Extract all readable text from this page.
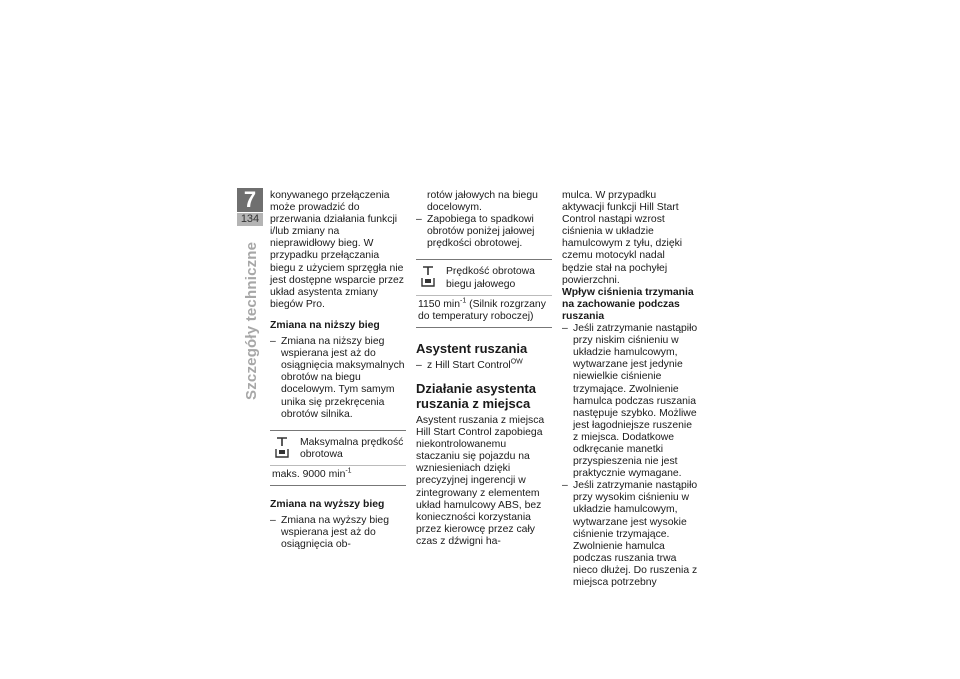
7
134
Szczegóły techniczne

konywanego przełączenia może prowadzić do przerwania działania funkcji i/lub zmiany na nieprawidłowy bieg. W przypadku przełączania biegu z użyciem sprzęgła nie jest dostępne wsparcie przez układ asystenta zmiany biegów Pro.

Zmiana na niższy bieg

– Zmiana na niższy bieg wspierana jest aż do osiągnięcia maksymalnych obrotów na biegu docelowym. Tym samym unika się przekręcenia obrotów silnika.

Maksymalna prędkość obrotowa
maks. 9000 $\min^{-1}$

Zmiana na wyższy bieg

– Zmiana na wyższy bieg wspierana jest aż do osiągnięcia ob-

rotów jałowych na biegu docelowym.

– Zapobiega to spadkowi obrotów poniżej jałowej prędkości obrotowej.

Prędkość obrotowa biegu jałowego
1150 $\min^{-1}$ (Silnik rozgrzany do temperatury roboczej)

Asystent ruszania

– z Hill Start Control$^{OW}$

Działanie asystenta ruszania z miejsca

Asystent ruszania z miejsca Hill Start Control zapobiega niekontrolowanemu staczaniu się pojazdu na wzniesieniach dzięki precyzyjnej ingerencji w zintegrowany z elementem układ hamulcowy ABS, bez konieczności korzystania przez kierowcę przez cały czas z dźwigni ha-

mulca. W przypadku aktywacji funkcji Hill Start Control nastąpi wzrost ciśnienia w układzie hamulcowym z tyłu, dzięki czemu motocykl nadal będzie stał na pochyłej powierzchni.

Wpływ ciśnienia trzymania na zachowanie podczas ruszania

– Jeśli zatrzymanie nastąpiło przy niskim ciśnieniu w układzie hamulcowym, wytwarzane jest jedynie niewielkie ciśnienie trzymające. Zwolnienie hamulca podczas ruszania następuje szybko. Możliwe jest łagodniejsze ruszenie z miejsca. Dodatkowe odkręcanie manetki przyspieszenia nie jest praktycznie wymagane.

– Jeśli zatrzymanie nastąpiło przy wysokim ciśnieniu w układzie hamulcowym, wytwarzane jest wysokie ciśnienie trzymające. Zwolnienie hamulca podczas ruszania trwa nieco dłużej. Do ruszenia z miejsca potrzebny
